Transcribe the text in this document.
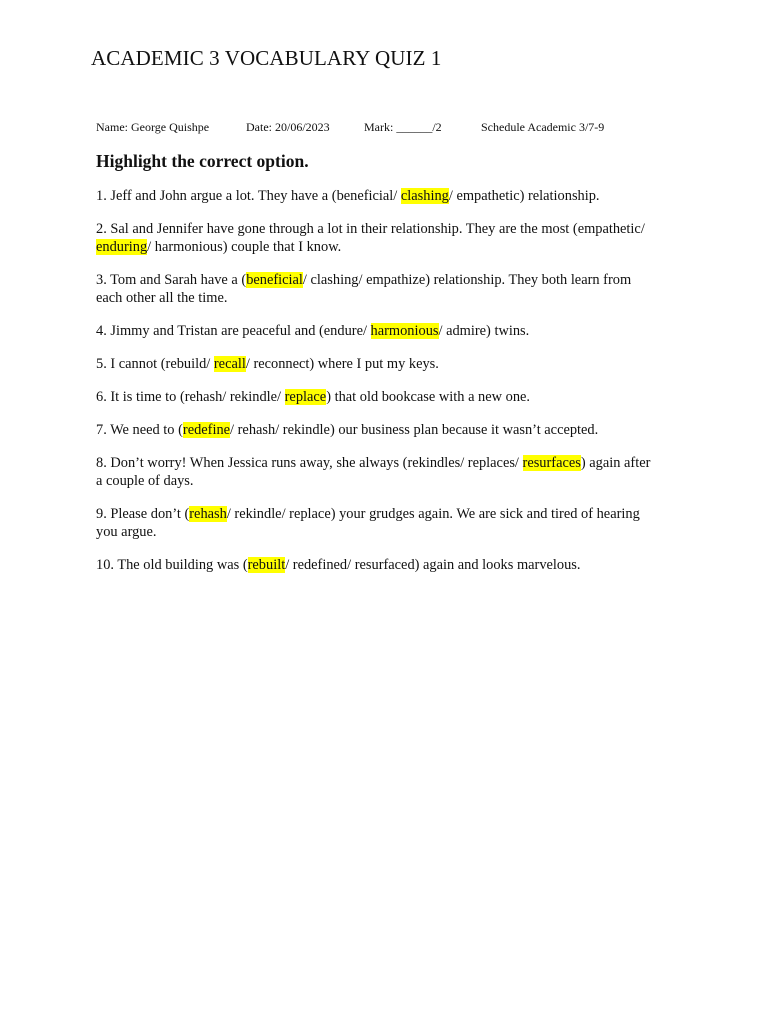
ACADEMIC 3 VOCABULARY QUIZ 1
Name: George Quishpe	Date: 20/06/2023	Mark: ______/2	Schedule Academic 3/7-9
Highlight the correct option.

1. Jeff and John argue a lot. They have a (beneficial/ clashing/ empathetic) relationship.

2. Sal and Jennifer have gone through a lot in their relationship. They are the most (empathetic/ enduring/ harmonious) couple that I know.

3. Tom and Sarah have a (beneficial/ clashing/ empathize) relationship. They both learn from each other all the time.

4. Jimmy and Tristan are peaceful and (endure/ harmonious/ admire) twins.

5. I cannot (rebuild/ recall/ reconnect) where I put my keys.

6. It is time to (rehash/ rekindle/ replace) that old bookcase with a new one.

7. We need to (redefine/ rehash/ rekindle) our business plan because it wasn’t accepted.

8. Don’t worry! When Jessica runs away, she always (rekindles/ replaces/ resurfaces) again after a couple of days.

9. Please don’t (rehash/ rekindle/ replace) your grudges again. We are sick and tired of hearing you argue.

10. The old building was (rebuilt/ redefined/ resurfaced) again and looks marvelous.
